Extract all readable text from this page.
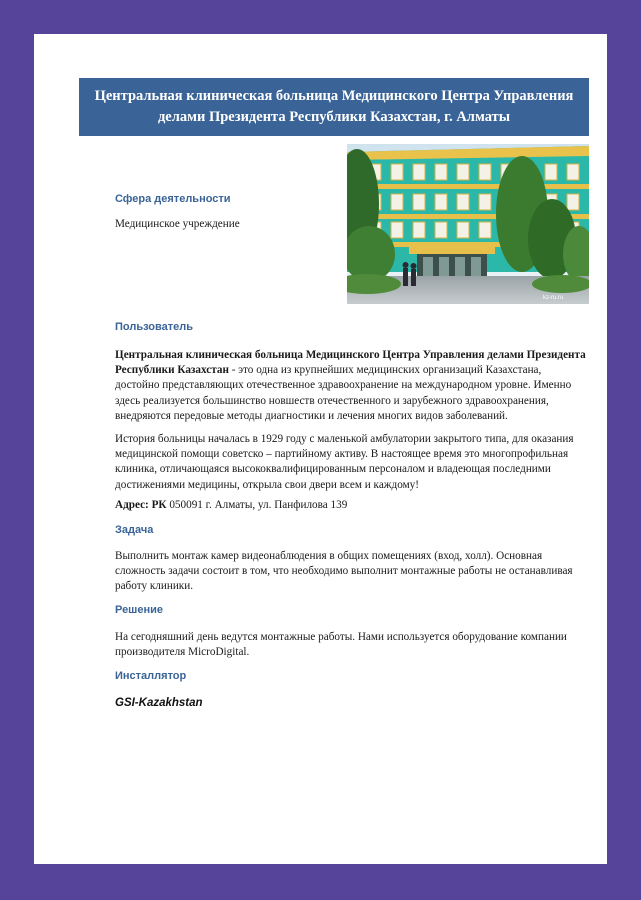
Центральная клиническая больница Медицинского Центра Управления делами Президента Республики Казахстан, г. Алматы
kz-ru.ru
Сфера деятельности
Медицинское учреждение
Пользователь
Центральная клиническая больница Медицинского Центра Управления делами Президента Республики Казахстан - это одна из крупнейших медицинских организаций Казахстана, достойно представляющих отечественное здравоохранение на международном уровне. Именно здесь реализуется большинство новшеств отечественного и зарубежного здравоохранения, внедряются передовые методы диагностики и лечения многих видов заболеваний.
История больницы началась в 1929 году с маленькой амбулатории закрытого типа, для оказания медицинской помощи советско – партийному активу. В настоящее время это многопрофильная клиника, отличающаяся высококвалифицированным персоналом и владеющая последними достижениями медицины, открыла свои двери всем и каждому!
Адрес: РК 050091 г. Алматы, ул. Панфилова 139
Задача
Выполнить монтаж камер видеонаблюдения в общих помещениях (вход, холл). Основная сложность задачи состоит в том, что необходимо выполнит монтажные работы не останавливая работу клиники.
Решение
На сегодняшний день ведутся монтажные работы. Нами используется оборудование компании производителя MicroDigital.
Инсталлятор
GSI-Kazakhstan
